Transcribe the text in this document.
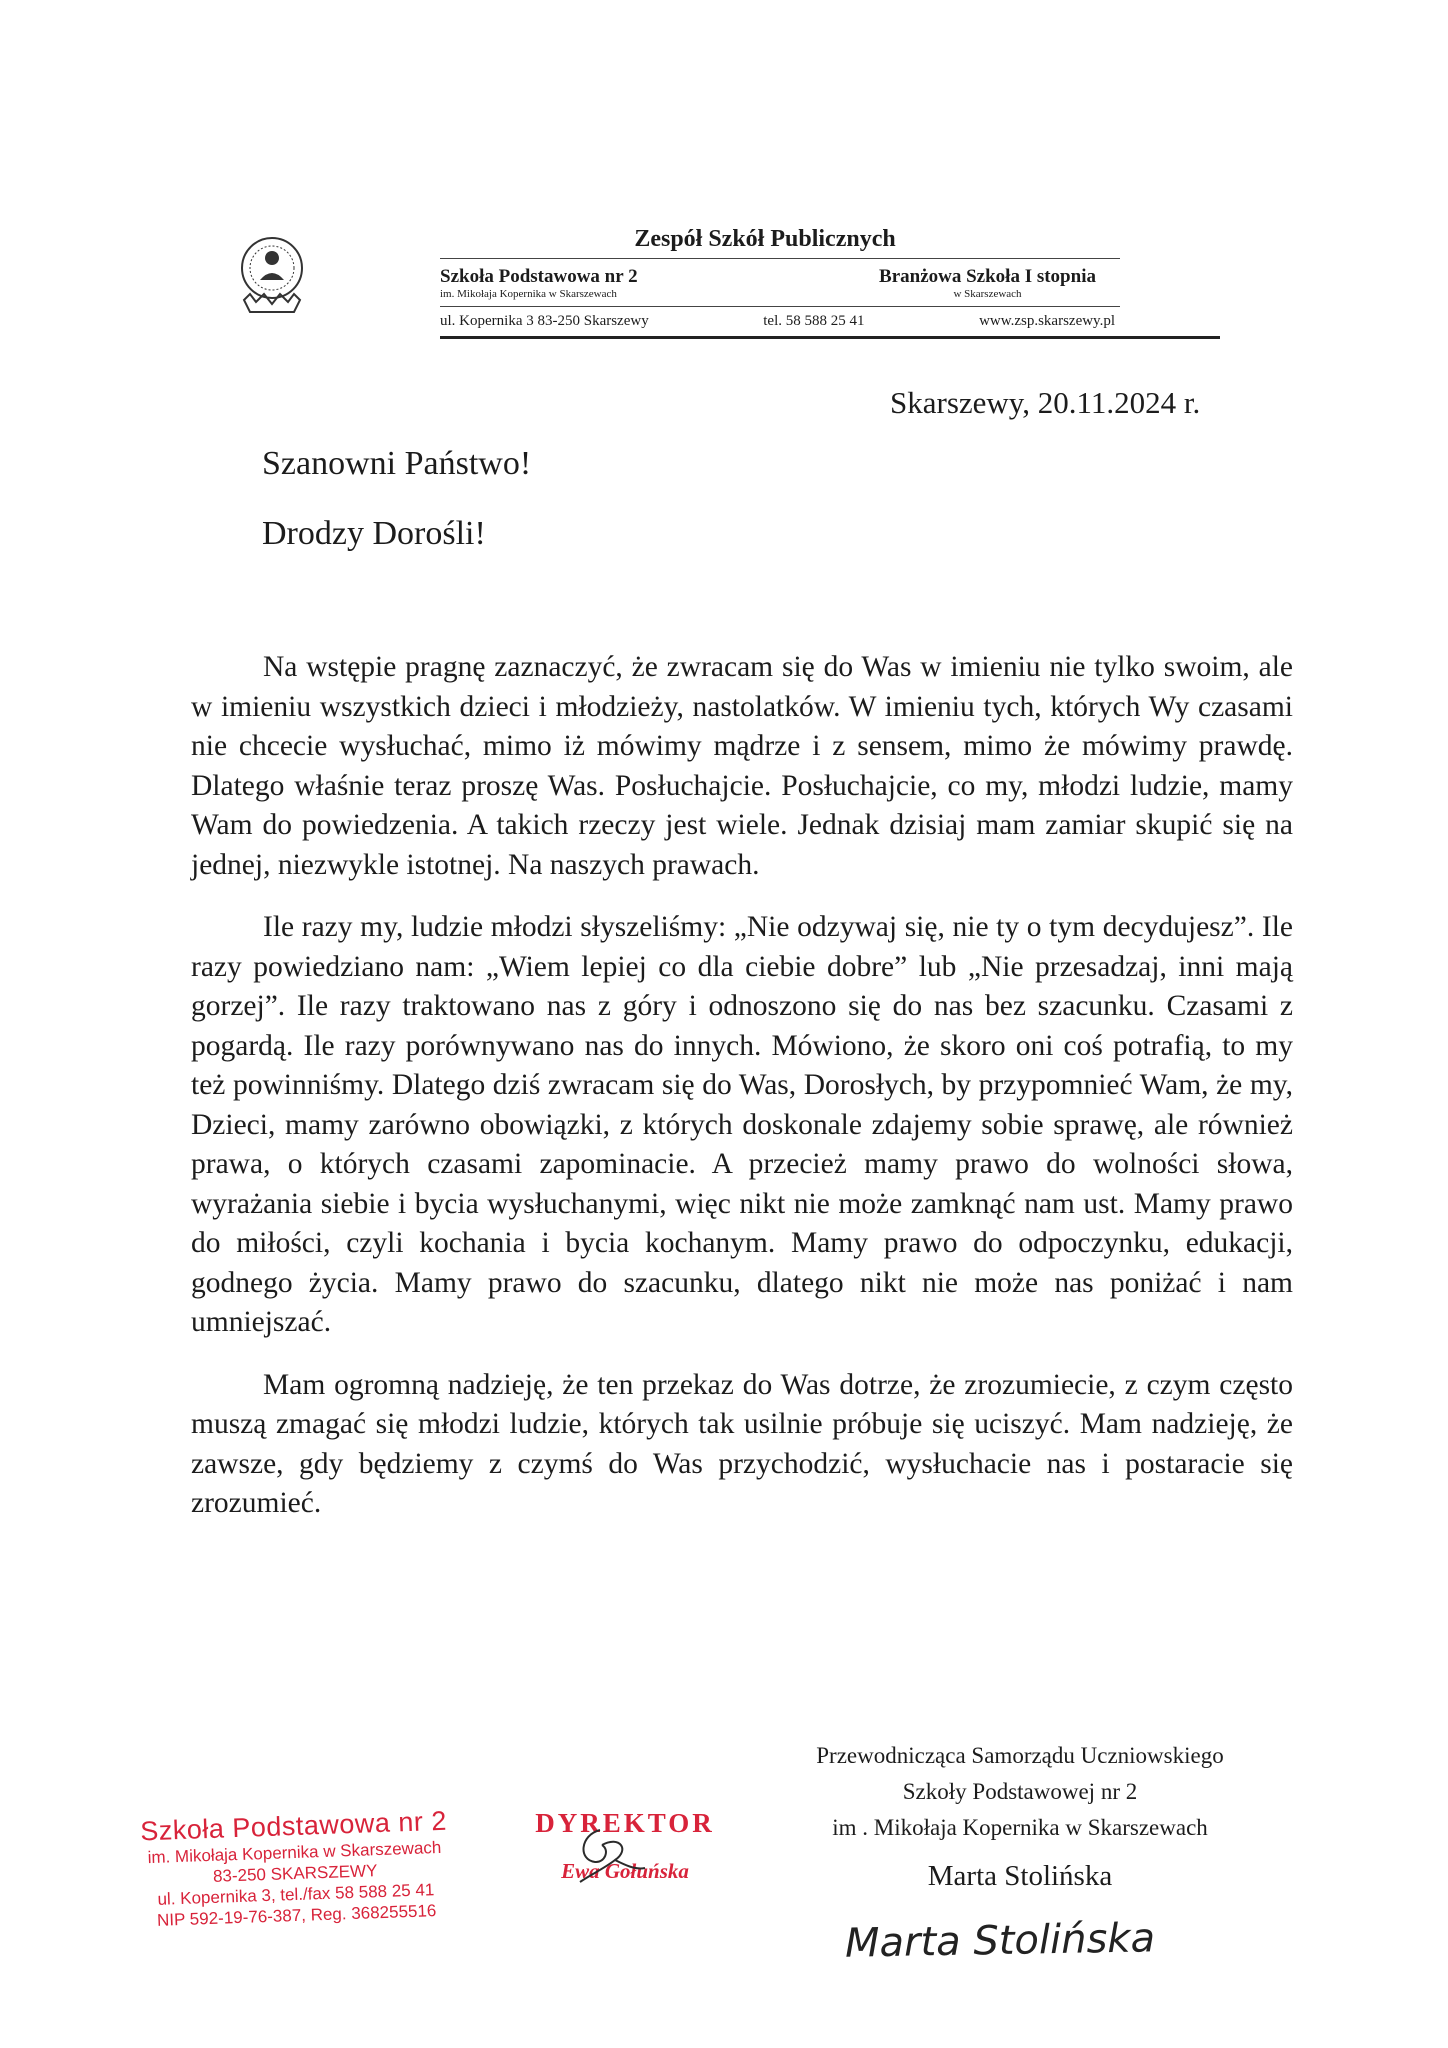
Zespół Szkół Publicznych
Szkoła Podstawowa nr 2
im. Mikołaja Kopernika w Skarszewach
Branżowa Szkoła I stopnia
w Skarszewach
ul. Kopernika 3 83-250 Skarszewy	tel. 58 588 25 41	www.zsp.skarszewy.pl
Skarszewy, 20.11.2024 r.
Szanowni Państwo!
Drodzy Dorośli!

Na wstępie pragnę zaznaczyć, że zwracam się do Was w imieniu nie tylko swoim, ale w imieniu wszystkich dzieci i młodzieży, nastolatków. W imieniu tych, których Wy czasami nie chcecie wysłuchać, mimo iż mówimy mądrze i z sensem, mimo że mówimy prawdę. Dlatego właśnie teraz proszę Was. Posłuchajcie. Posłuchajcie, co my, młodzi ludzie, mamy Wam do powiedzenia. A takich rzeczy jest wiele. Jednak dzisiaj mam zamiar skupić się na jednej, niezwykle istotnej. Na naszych prawach.

Ile razy my, ludzie młodzi słyszeliśmy: „Nie odzywaj się, nie ty o tym decydujesz”. Ile razy powiedziano nam: „Wiem lepiej co dla ciebie dobre” lub „Nie przesadzaj, inni mają gorzej”. Ile razy traktowano nas z góry i odnoszono się do nas bez szacunku. Czasami z pogardą. Ile razy porównywano nas do innych. Mówiono, że skoro oni coś potrafią, to my też powinniśmy. Dlatego dziś zwracam się do Was, Dorosłych, by przypomnieć Wam, że my, Dzieci, mamy zarówno obowiązki, z których doskonale zdajemy sobie sprawę, ale również prawa, o których czasami zapominacie. A przecież mamy prawo do wolności słowa, wyrażania siebie i bycia wysłuchanymi, więc nikt nie może zamknąć nam ust. Mamy prawo do miłości, czyli kochania i bycia kochanym. Mamy prawo do odpoczynku, edukacji, godnego życia. Mamy prawo do szacunku, dlatego nikt nie może nas poniżać i nam umniejszać.

Mam ogromną nadzieję, że ten przekaz do Was dotrze, że zrozumiecie, z czym często muszą zmagać się młodzi ludzie, których tak usilnie próbuje się uciszyć. Mam nadzieję, że zawsze, gdy będziemy z czymś do Was przychodzić, wysłuchacie nas i postaracie się zrozumieć.

Przewodnicząca Samorządu Uczniowskiego
Szkoły Podstawowej nr 2
im . Mikołaja Kopernika w Skarszewach
Marta Stolińska
Marta Stolińska
Szkoła Podstawowa nr 2
im. Mikołaja Kopernika w Skarszewach
83-250 SKARSZEWY
ul. Kopernika 3, tel./fax 58 588 25 41
NIP 592-19-76-387, Reg. 368255516
DYREKTOR
Ewa Gołuńska
